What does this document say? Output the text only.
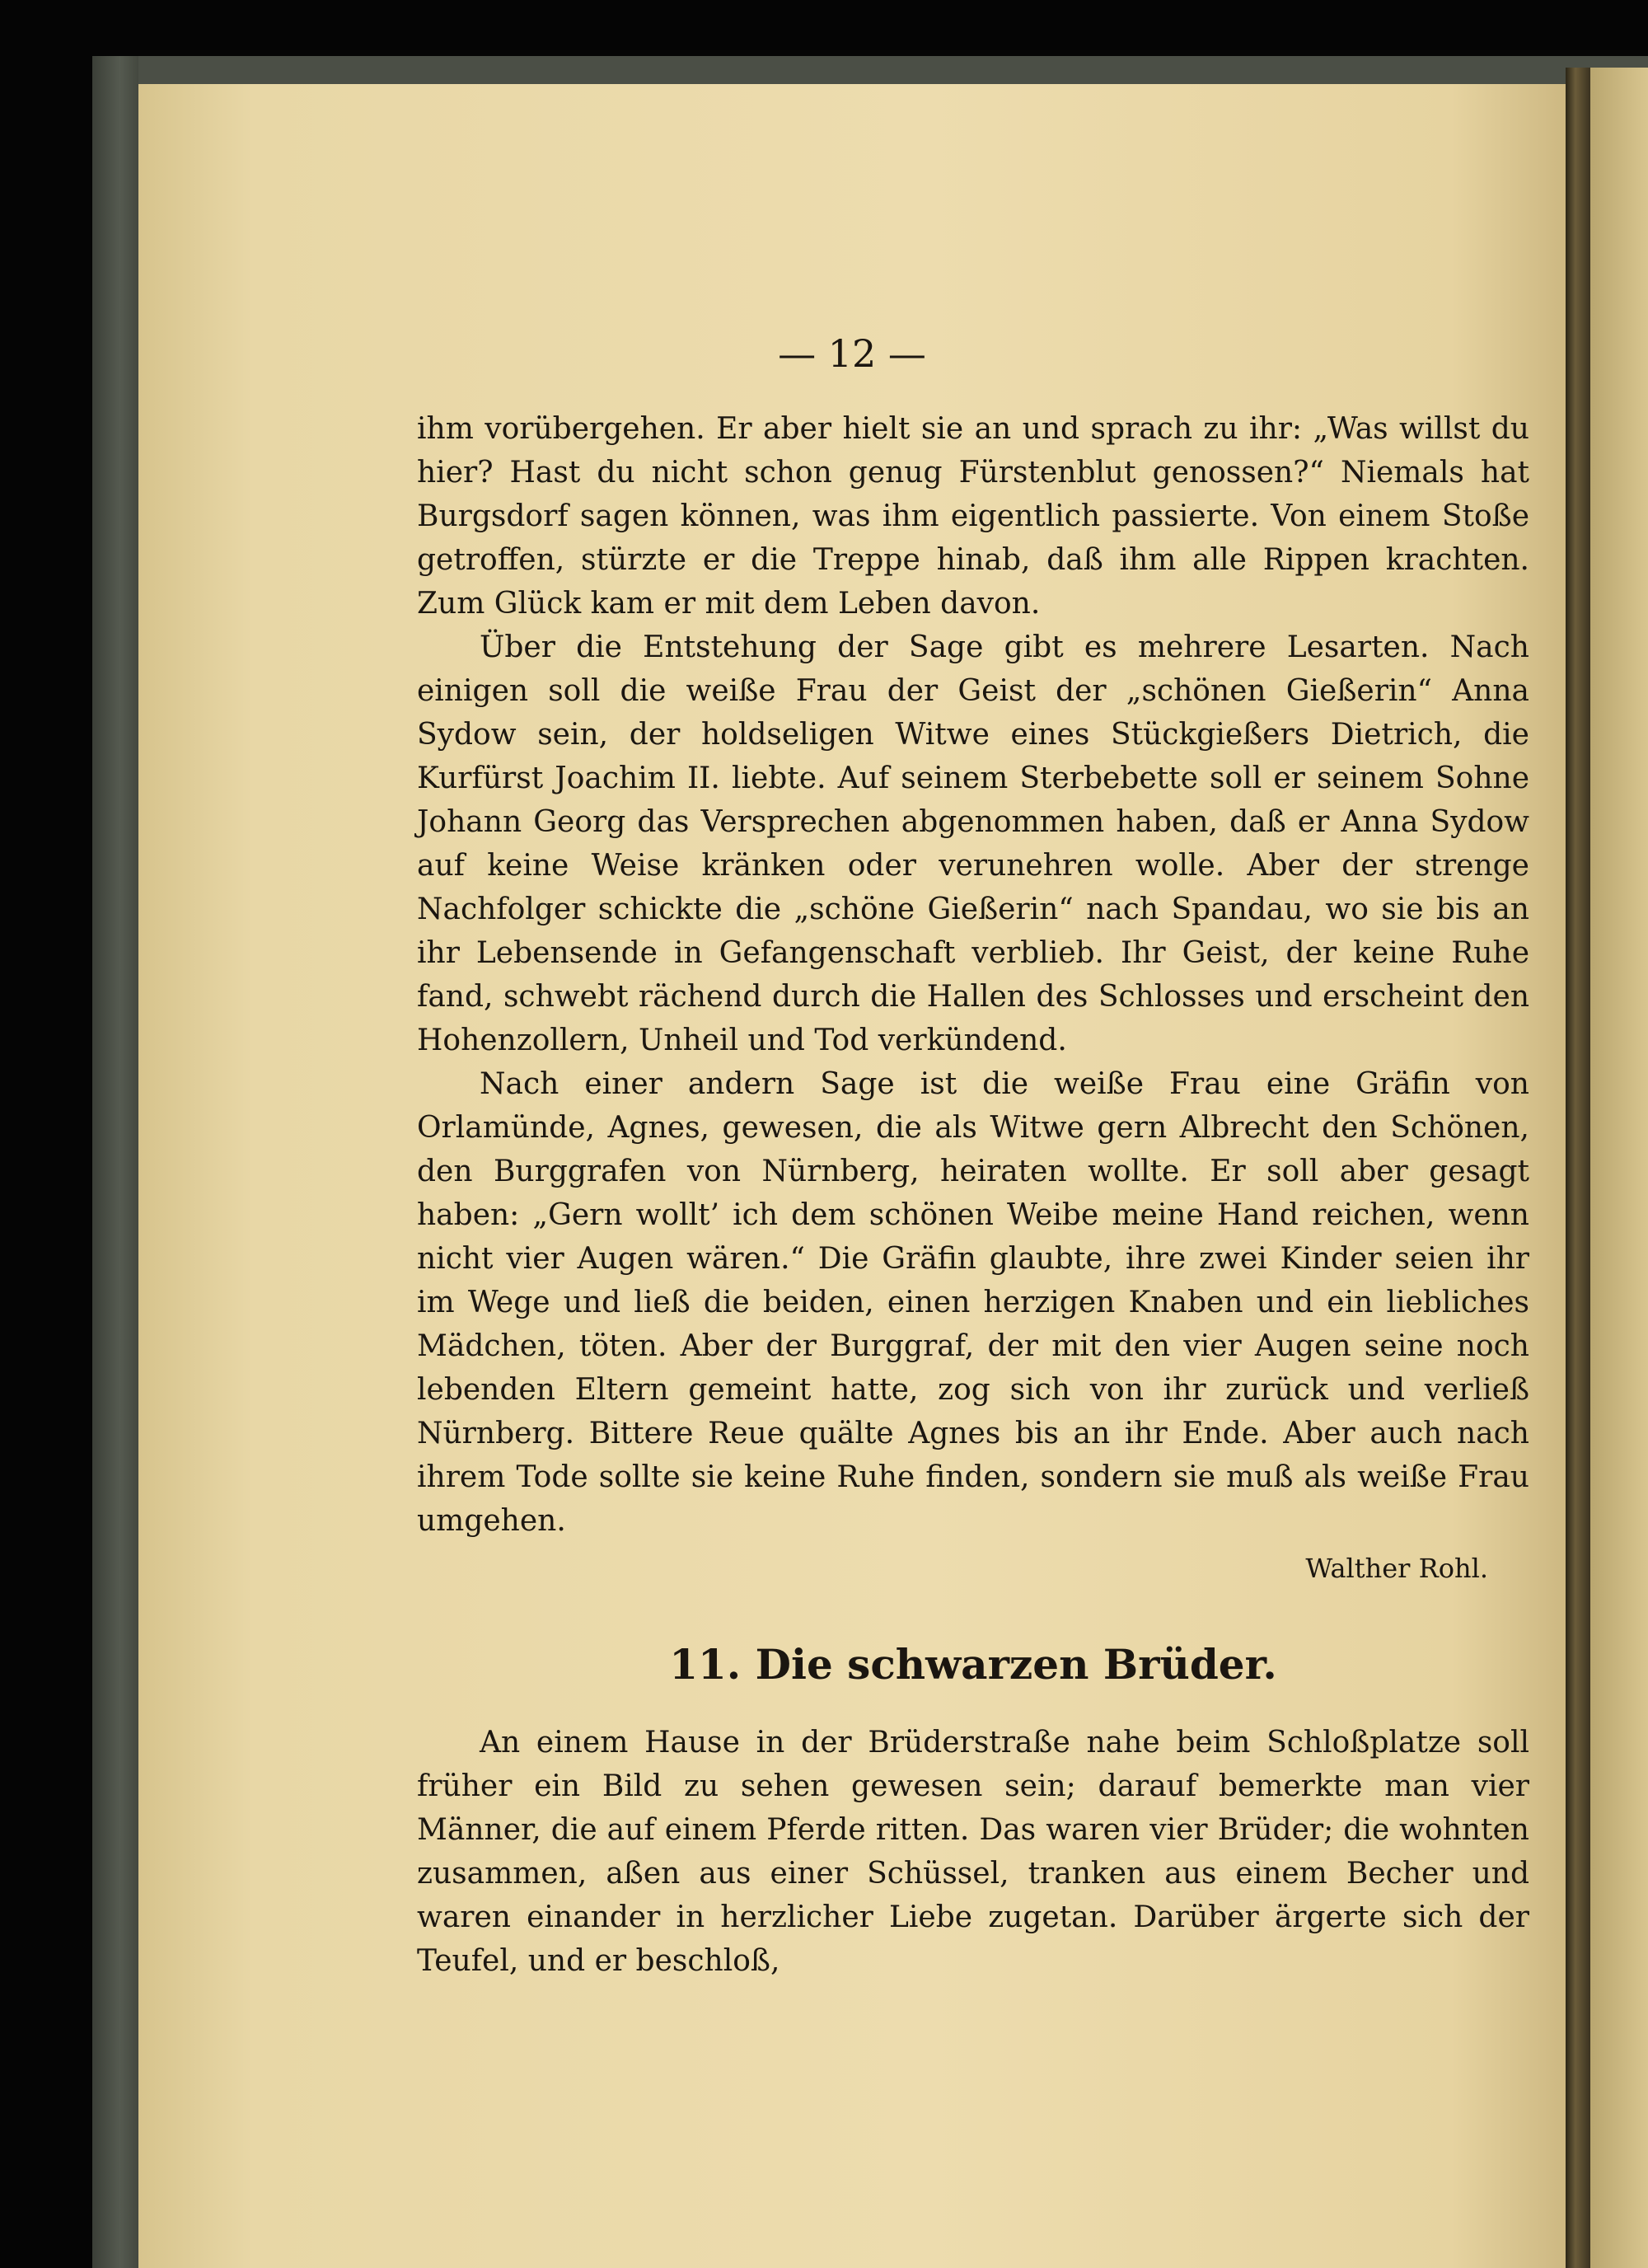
— 12 —

ihm vorübergehen. Er aber hielt sie an und sprach zu ihr: „Was willst du hier? Hast du nicht schon genug Fürstenblut genossen?“ Niemals hat Burgsdorf sagen können, was ihm eigentlich passierte. Von einem Stoße getroffen, stürzte er die Treppe hinab, daß ihm alle Rippen krachten. Zum Glück kam er mit dem Leben davon.

Über die Entstehung der Sage gibt es mehrere Lesarten. Nach einigen soll die weiße Frau der Geist der „schönen Gießerin“ Anna Sydow sein, der holdseligen Witwe eines Stückgießers Dietrich, die Kurfürst Joachim II. liebte. Auf seinem Sterbebette soll er seinem Sohne Johann Georg das Versprechen abgenommen haben, daß er Anna Sydow auf keine Weise kränken oder verunehren wolle. Aber der strenge Nachfolger schickte die „schöne Gießerin“ nach Spandau, wo sie bis an ihr Lebensende in Gefangenschaft verblieb. Ihr Geist, der keine Ruhe fand, schwebt rächend durch die Hallen des Schlosses und erscheint den Hohenzollern, Unheil und Tod verkündend.

Nach einer andern Sage ist die weiße Frau eine Gräfin von Orlamünde, Agnes, gewesen, die als Witwe gern Albrecht den Schönen, den Burggrafen von Nürnberg, heiraten wollte. Er soll aber gesagt haben: „Gern wollt’ ich dem schönen Weibe meine Hand reichen, wenn nicht vier Augen wären.“ Die Gräfin glaubte, ihre zwei Kinder seien ihr im Wege und ließ die beiden, einen herzigen Knaben und ein liebliches Mädchen, töten. Aber der Burggraf, der mit den vier Augen seine noch lebenden Eltern gemeint hatte, zog sich von ihr zurück und verließ Nürnberg. Bittere Reue quälte Agnes bis an ihr Ende. Aber auch nach ihrem Tode sollte sie keine Ruhe finden, sondern sie muß als weiße Frau umgehen.

Walther Rohl.
11. Die schwarzen Brüder.

An einem Hause in der Brüderstraße nahe beim Schloßplatze soll früher ein Bild zu sehen gewesen sein; darauf bemerkte man vier Männer, die auf einem Pferde ritten. Das waren vier Brüder; die wohnten zusammen, aßen aus einer Schüssel, tranken aus einem Becher und waren einander in herzlicher Liebe zugetan. Darüber ärgerte sich der Teufel, und er beschloß,
